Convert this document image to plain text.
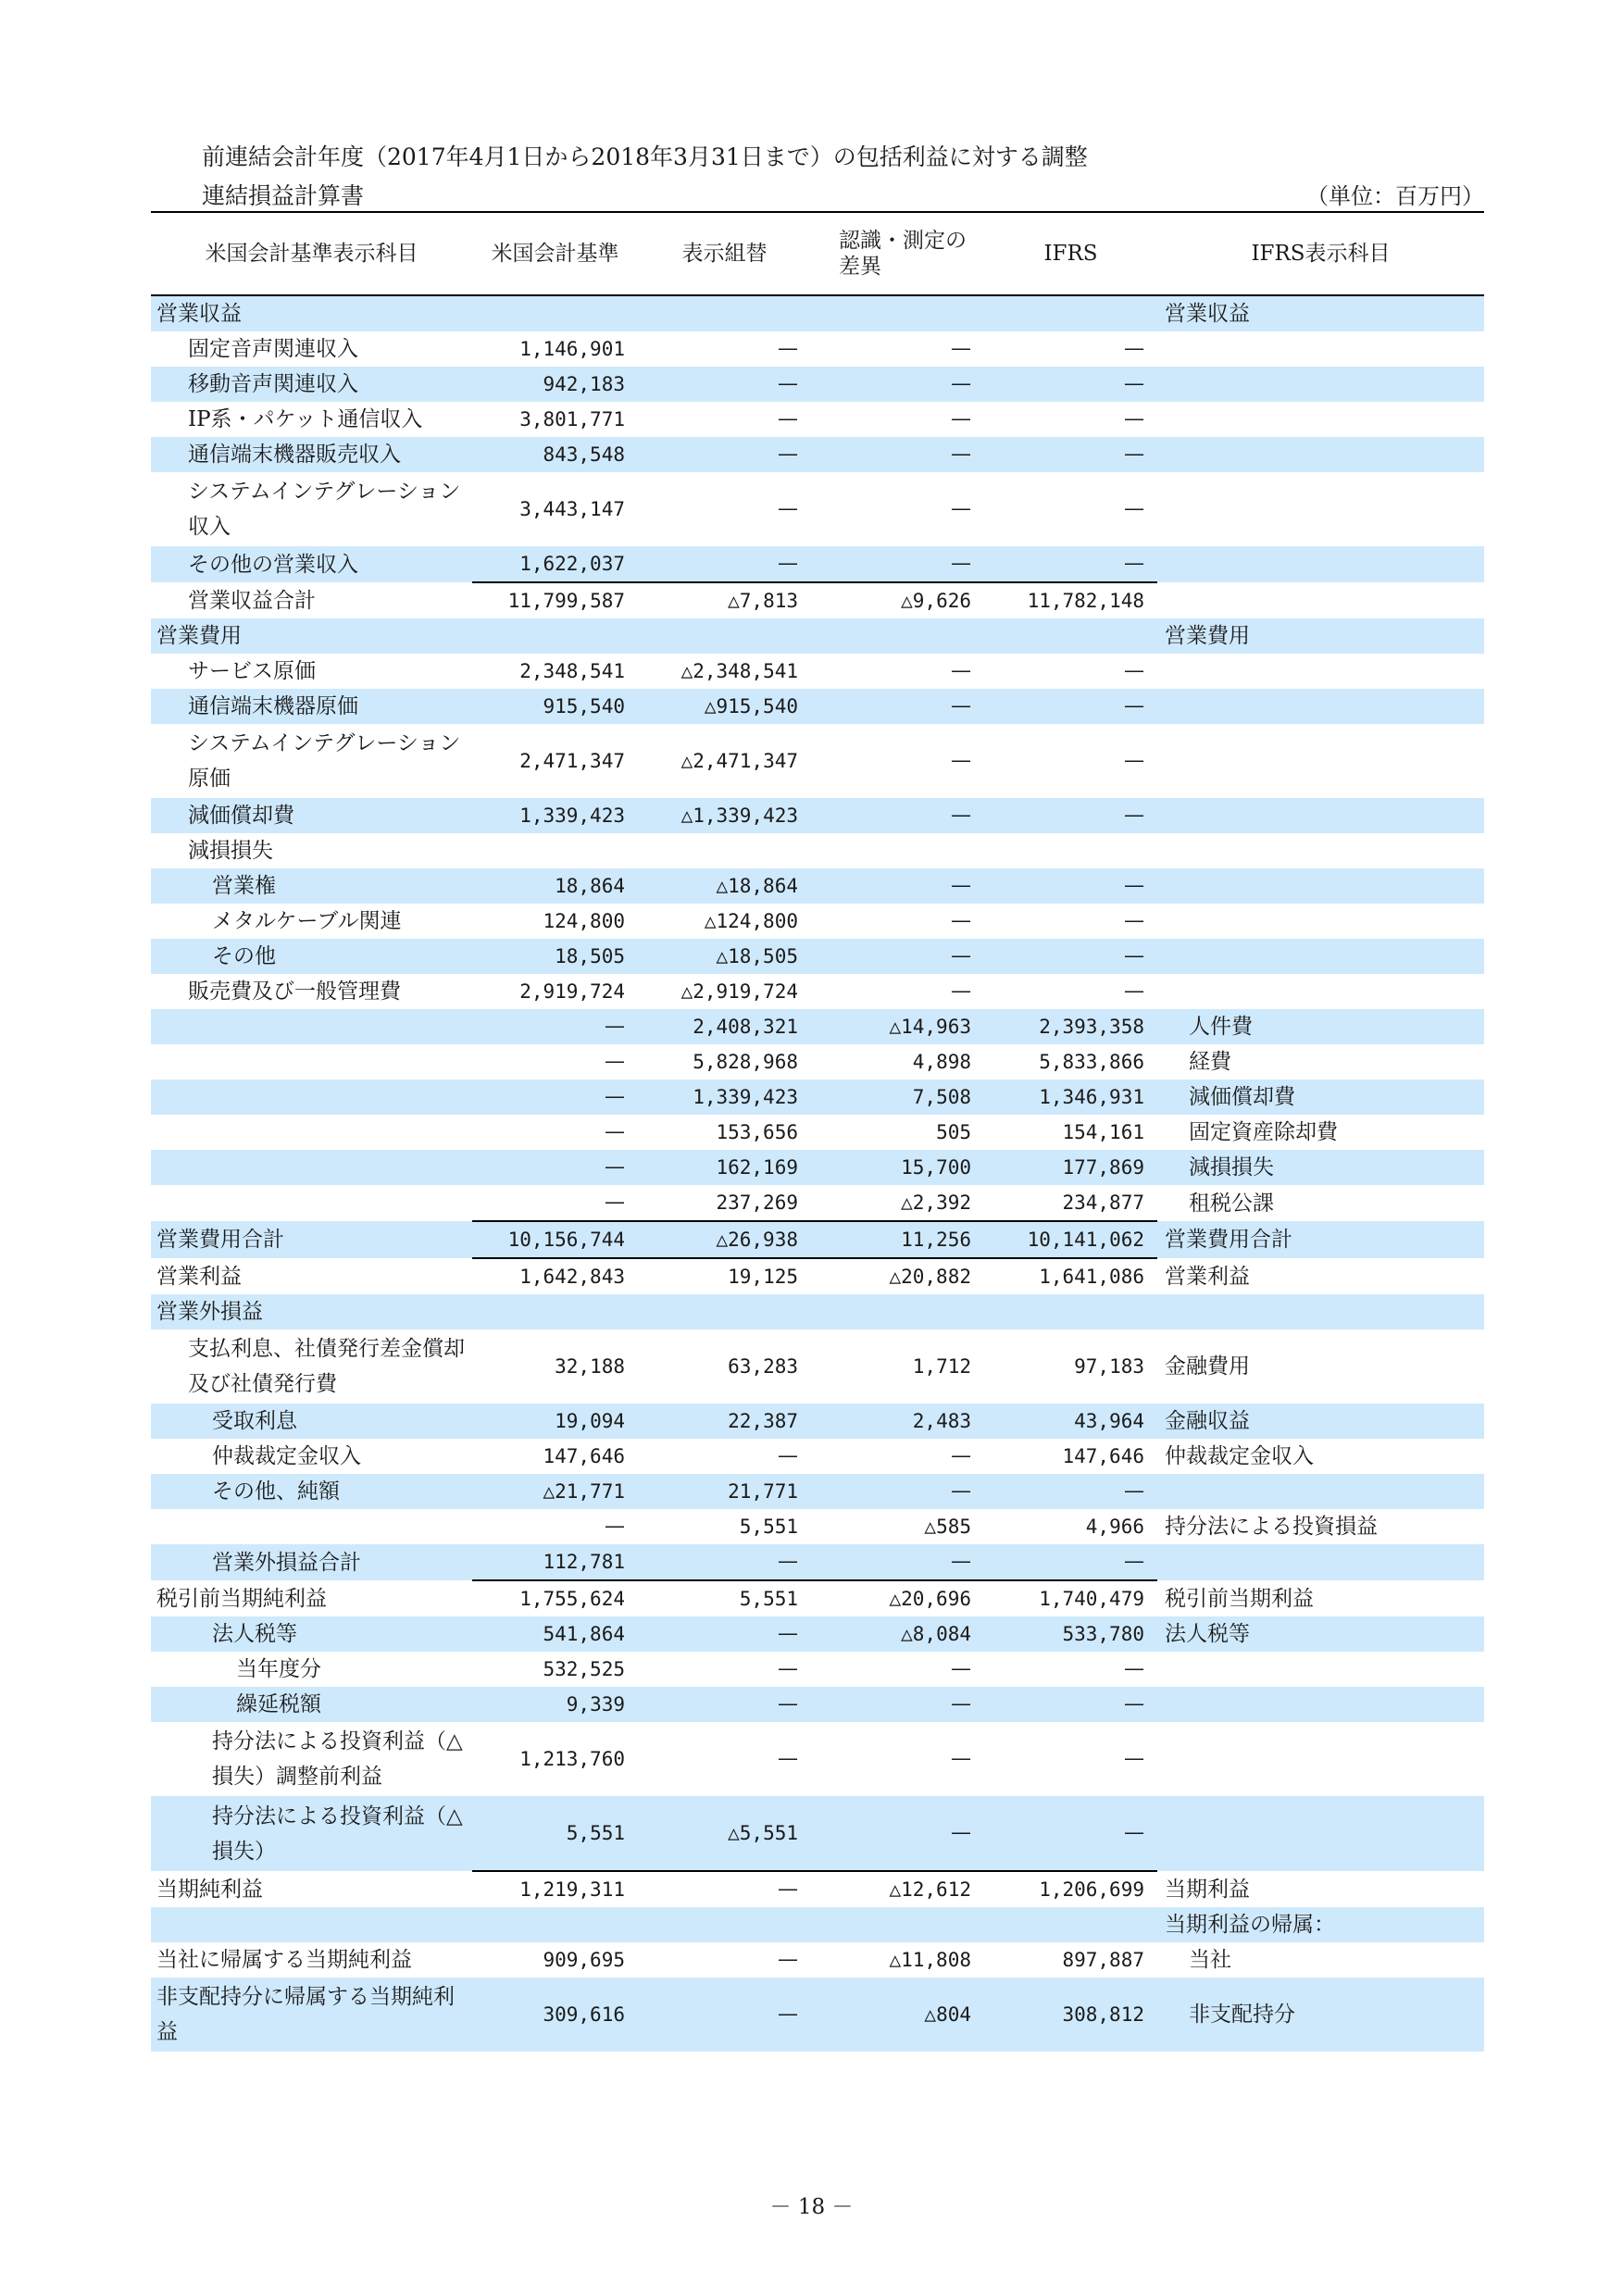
前連結会計年度（2017年4月1日から2018年3月31日まで）の包括利益に対する調整
連結損益計算書	（単位：百万円）
米国会計基準表示科目	米国会計基準	表示組替	認識・測定の差異	IFRS	IFRS表示科目
営業収益					営業収益
固定音声関連収入	1,146,901	—	—	—	
移動音声関連収入	942,183	—	—	—	
IP系・パケット通信収入	3,801,771	—	—	—	
通信端末機器販売収入	843,548	—	—	—	
システムインテグレーション収入	3,443,147	—	—	—	
その他の営業収入	1,622,037	—	—	—	
営業収益合計	11,799,587	△7,813	△9,626	11,782,148	
営業費用					営業費用
サービス原価	2,348,541	△2,348,541	—	—	
通信端末機器原価	915,540	△915,540	—	—	
システムインテグレーション原価	2,471,347	△2,471,347	—	—	
減価償却費	1,339,423	△1,339,423	—	—	
減損損失					
営業権	18,864	△18,864	—	—	
メタルケーブル関連	124,800	△124,800	—	—	
その他	18,505	△18,505	—	—	
販売費及び一般管理費	2,919,724	△2,919,724	—	—	
	—	2,408,321	△14,963	2,393,358	人件費
	—	5,828,968	4,898	5,833,866	経費
	—	1,339,423	7,508	1,346,931	減価償却費
	—	153,656	505	154,161	固定資産除却費
	—	162,169	15,700	177,869	減損損失
	—	237,269	△2,392	234,877	租税公課
営業費用合計	10,156,744	△26,938	11,256	10,141,062	営業費用合計
営業利益	1,642,843	19,125	△20,882	1,641,086	営業利益
営業外損益					
支払利息、社債発行差金償却及び社債発行費	32,188	63,283	1,712	97,183	金融費用
受取利息	19,094	22,387	2,483	43,964	金融収益
仲裁裁定金収入	147,646	—	—	147,646	仲裁裁定金収入
その他、純額	△21,771	21,771	—	—	
	—	5,551	△585	4,966	持分法による投資損益
営業外損益合計	112,781	—	—	—	
税引前当期純利益	1,755,624	5,551	△20,696	1,740,479	税引前当期利益
法人税等	541,864	—	△8,084	533,780	法人税等
当年度分	532,525	—	—	—	
繰延税額	9,339	—	—	—	
持分法による投資利益（△損失）調整前利益	1,213,760	—	—	—	
持分法による投資利益（△損失）	5,551	△5,551	—	—	
当期純利益	1,219,311	—	△12,612	1,206,699	当期利益
					当期利益の帰属：
当社に帰属する当期純利益	909,695	—	△11,808	897,887	当社
非支配持分に帰属する当期純利益	309,616	—	△804	308,812	非支配持分
－ 18 －
